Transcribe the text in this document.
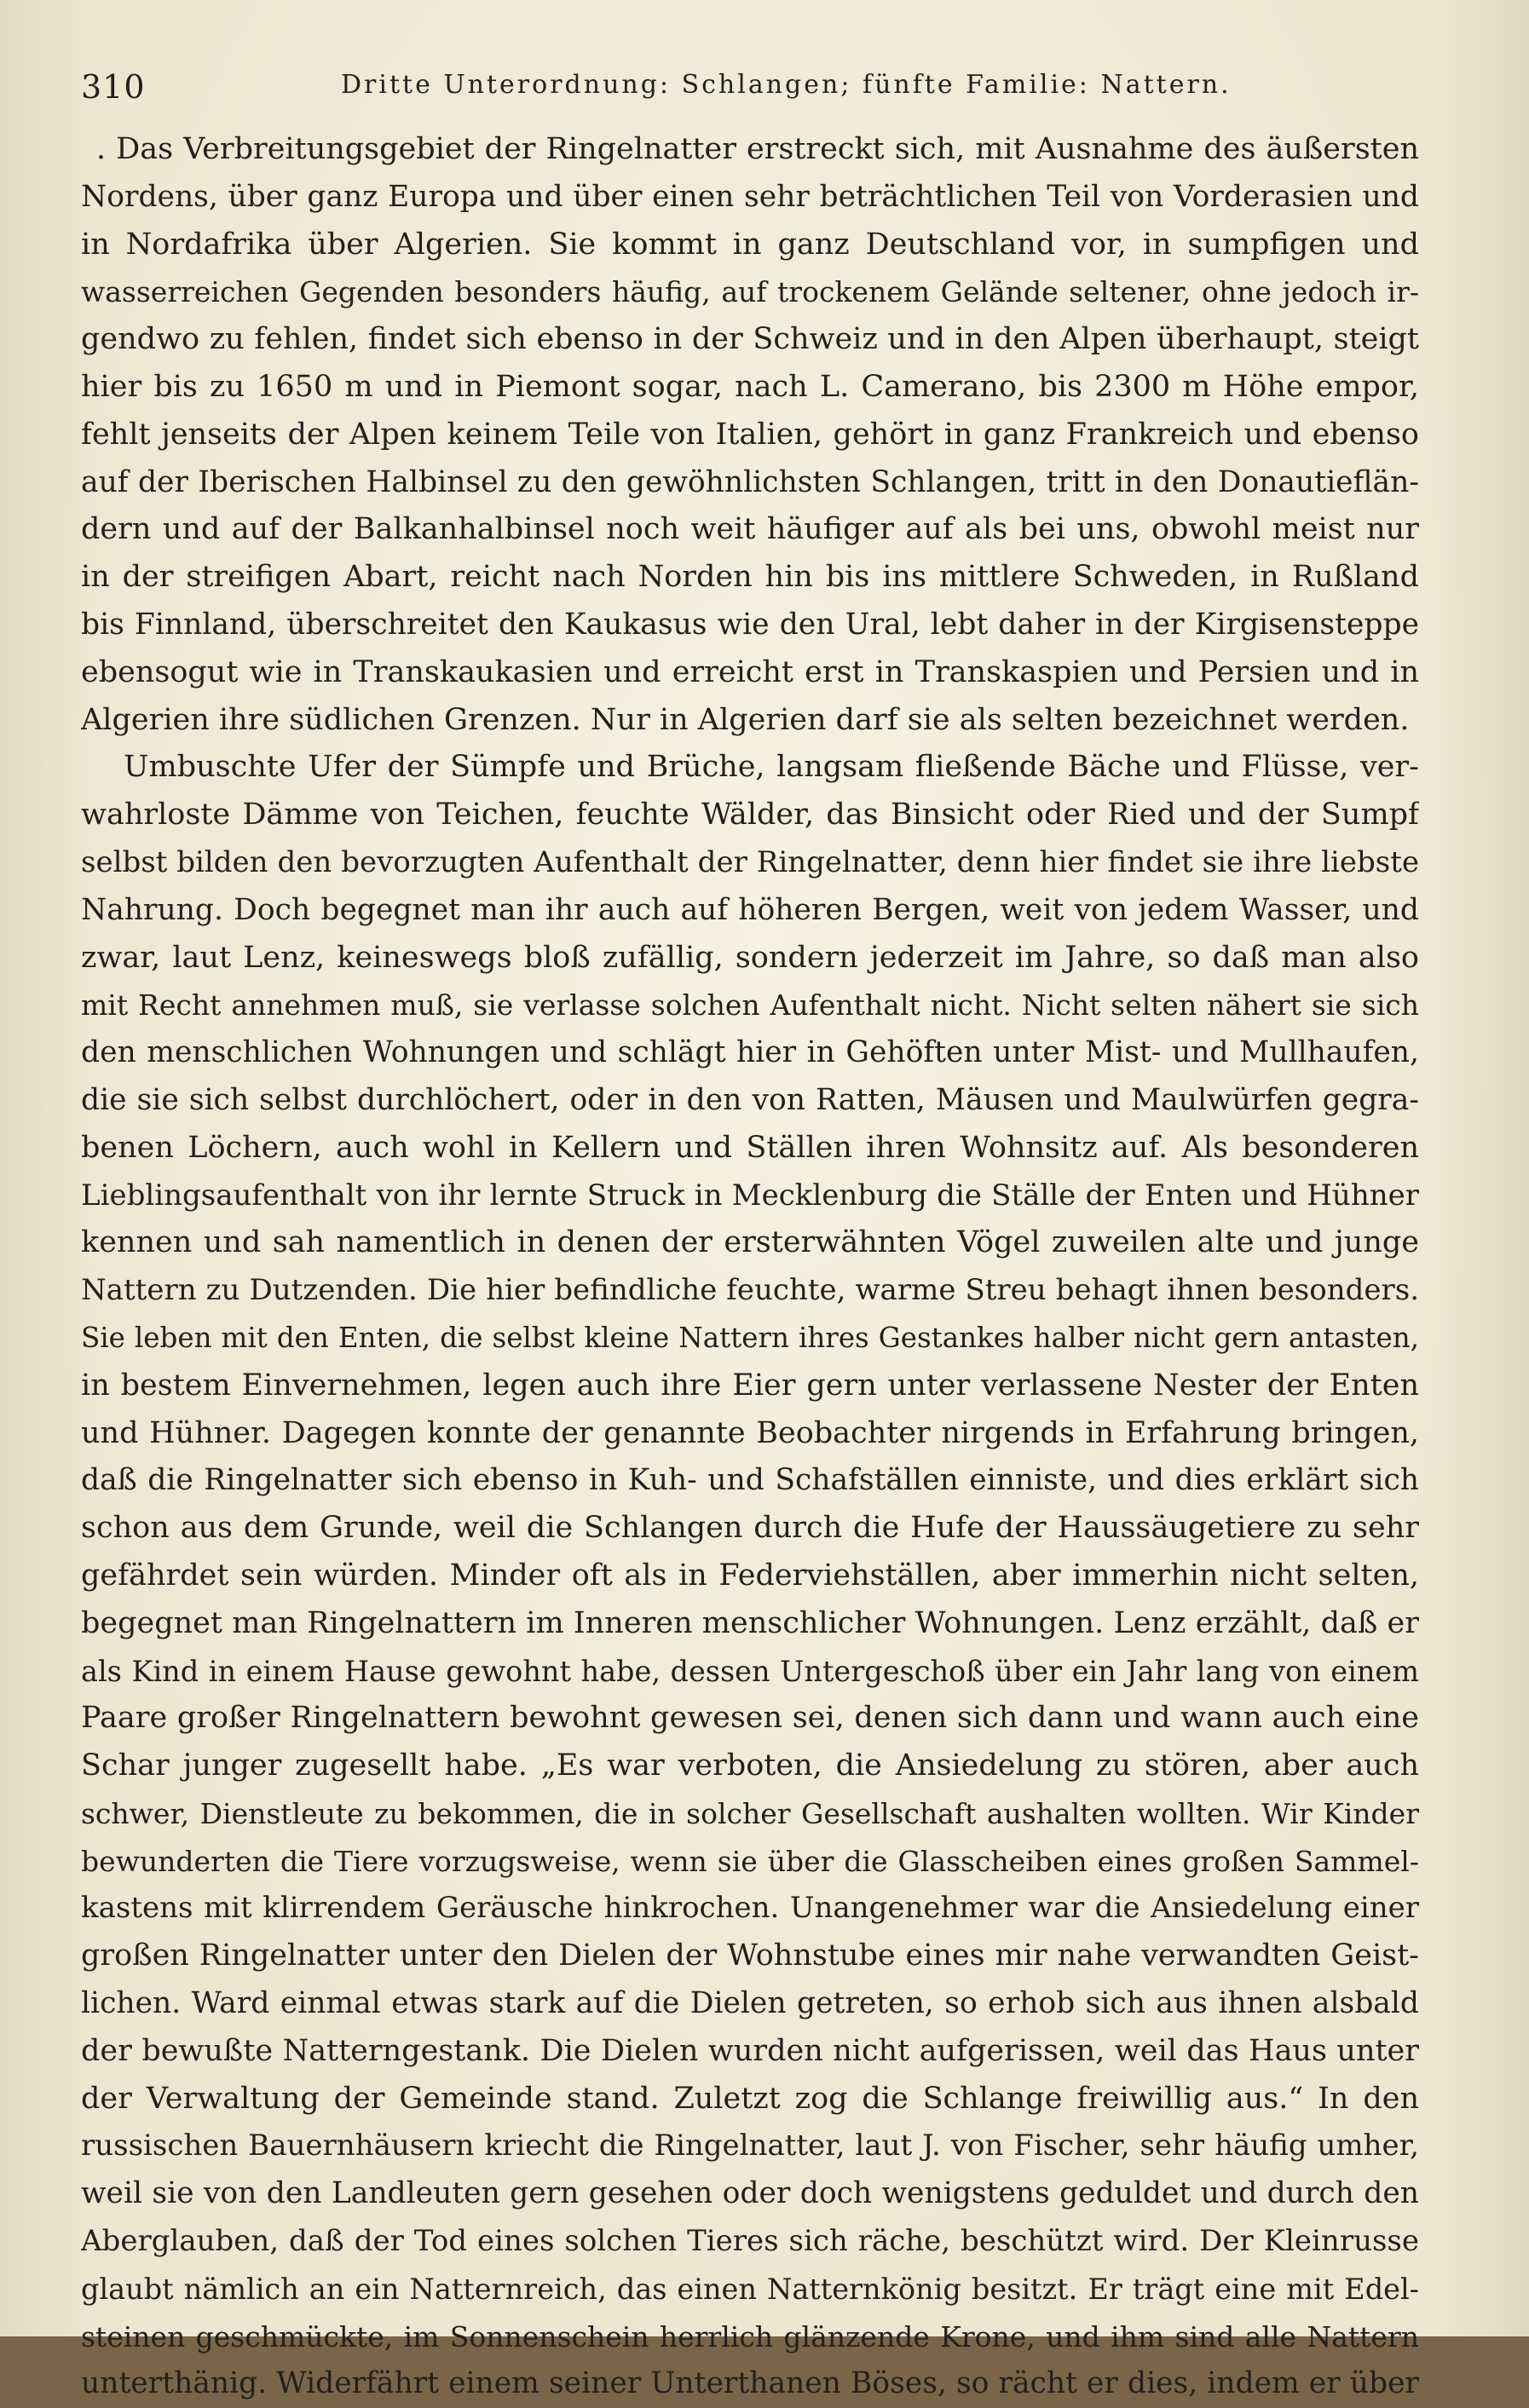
310	Dritte Unterordnung: Schlangen; fünfte Familie: Nattern.
. Das Verbreitungsgebiet der Ringelnatter erstreckt sich, mit Ausnahme des äußersten
Nordens, über ganz Europa und über einen sehr beträchtlichen Teil von Vorderasien und
in Nordafrika über Algerien. Sie kommt in ganz Deutschland vor, in sumpfigen und
wasserreichen Gegenden besonders häufig, auf trockenem Gelände seltener, ohne jedoch ir-
gendwo zu fehlen, findet sich ebenso in der Schweiz und in den Alpen überhaupt, steigt
hier bis zu 1650 m und in Piemont sogar, nach L. Camerano, bis 2300 m Höhe empor,
fehlt jenseits der Alpen keinem Teile von Italien, gehört in ganz Frankreich und ebenso
auf der Iberischen Halbinsel zu den gewöhnlichsten Schlangen, tritt in den Donautieflän-
dern und auf der Balkanhalbinsel noch weit häufiger auf als bei uns, obwohl meist nur
in der streifigen Abart, reicht nach Norden hin bis ins mittlere Schweden, in Rußland
bis Finnland, überschreitet den Kaukasus wie den Ural, lebt daher in der Kirgisensteppe
ebensogut wie in Transkaukasien und erreicht erst in Transkaspien und Persien und in
Algerien ihre südlichen Grenzen. Nur in Algerien darf sie als selten bezeichnet werden.
Umbuschte Ufer der Sümpfe und Brüche, langsam fließende Bäche und Flüsse, ver-
wahrloste Dämme von Teichen, feuchte Wälder, das Binsicht oder Ried und der Sumpf
selbst bilden den bevorzugten Aufenthalt der Ringelnatter, denn hier findet sie ihre liebste
Nahrung. Doch begegnet man ihr auch auf höheren Bergen, weit von jedem Wasser, und
zwar, laut Lenz, keineswegs bloß zufällig, sondern jederzeit im Jahre, so daß man also
mit Recht annehmen muß, sie verlasse solchen Aufenthalt nicht. Nicht selten nähert sie sich
den menschlichen Wohnungen und schlägt hier in Gehöften unter Mist- und Mullhaufen,
die sie sich selbst durchlöchert, oder in den von Ratten, Mäusen und Maulwürfen gegra-
benen Löchern, auch wohl in Kellern und Ställen ihren Wohnsitz auf. Als besonderen
Lieblingsaufenthalt von ihr lernte Struck in Mecklenburg die Ställe der Enten und Hühner
kennen und sah namentlich in denen der ersterwähnten Vögel zuweilen alte und junge
Nattern zu Dutzenden. Die hier befindliche feuchte, warme Streu behagt ihnen besonders.
Sie leben mit den Enten, die selbst kleine Nattern ihres Gestankes halber nicht gern antasten,
in bestem Einvernehmen, legen auch ihre Eier gern unter verlassene Nester der Enten
und Hühner. Dagegen konnte der genannte Beobachter nirgends in Erfahrung bringen,
daß die Ringelnatter sich ebenso in Kuh- und Schafställen einniste, und dies erklärt sich
schon aus dem Grunde, weil die Schlangen durch die Hufe der Haussäugetiere zu sehr
gefährdet sein würden. Minder oft als in Federviehställen, aber immerhin nicht selten,
begegnet man Ringelnattern im Inneren menschlicher Wohnungen. Lenz erzählt, daß er
als Kind in einem Hause gewohnt habe, dessen Untergeschoß über ein Jahr lang von einem
Paare großer Ringelnattern bewohnt gewesen sei, denen sich dann und wann auch eine
Schar junger zugesellt habe. „Es war verboten, die Ansiedelung zu stören, aber auch
schwer, Dienstleute zu bekommen, die in solcher Gesellschaft aushalten wollten. Wir Kinder
bewunderten die Tiere vorzugsweise, wenn sie über die Glasscheiben eines großen Sammel-
kastens mit klirrendem Geräusche hinkrochen. Unangenehmer war die Ansiedelung einer
großen Ringelnatter unter den Dielen der Wohnstube eines mir nahe verwandten Geist-
lichen. Ward einmal etwas stark auf die Dielen getreten, so erhob sich aus ihnen alsbald
der bewußte Natterngestank. Die Dielen wurden nicht aufgerissen, weil das Haus unter
der Verwaltung der Gemeinde stand. Zuletzt zog die Schlange freiwillig aus.“ In den
russischen Bauernhäusern kriecht die Ringelnatter, laut J. von Fischer, sehr häufig umher,
weil sie von den Landleuten gern gesehen oder doch wenigstens geduldet und durch den
Aberglauben, daß der Tod eines solchen Tieres sich räche, beschützt wird. Der Kleinrusse
glaubt nämlich an ein Natternreich, das einen Natternkönig besitzt. Er trägt eine mit Edel-
steinen geschmückte, im Sonnenschein herrlich glänzende Krone, und ihm sind alle Nattern
unterthänig. Widerfährt einem seiner Unterthanen Böses, so rächt er dies, indem er über
